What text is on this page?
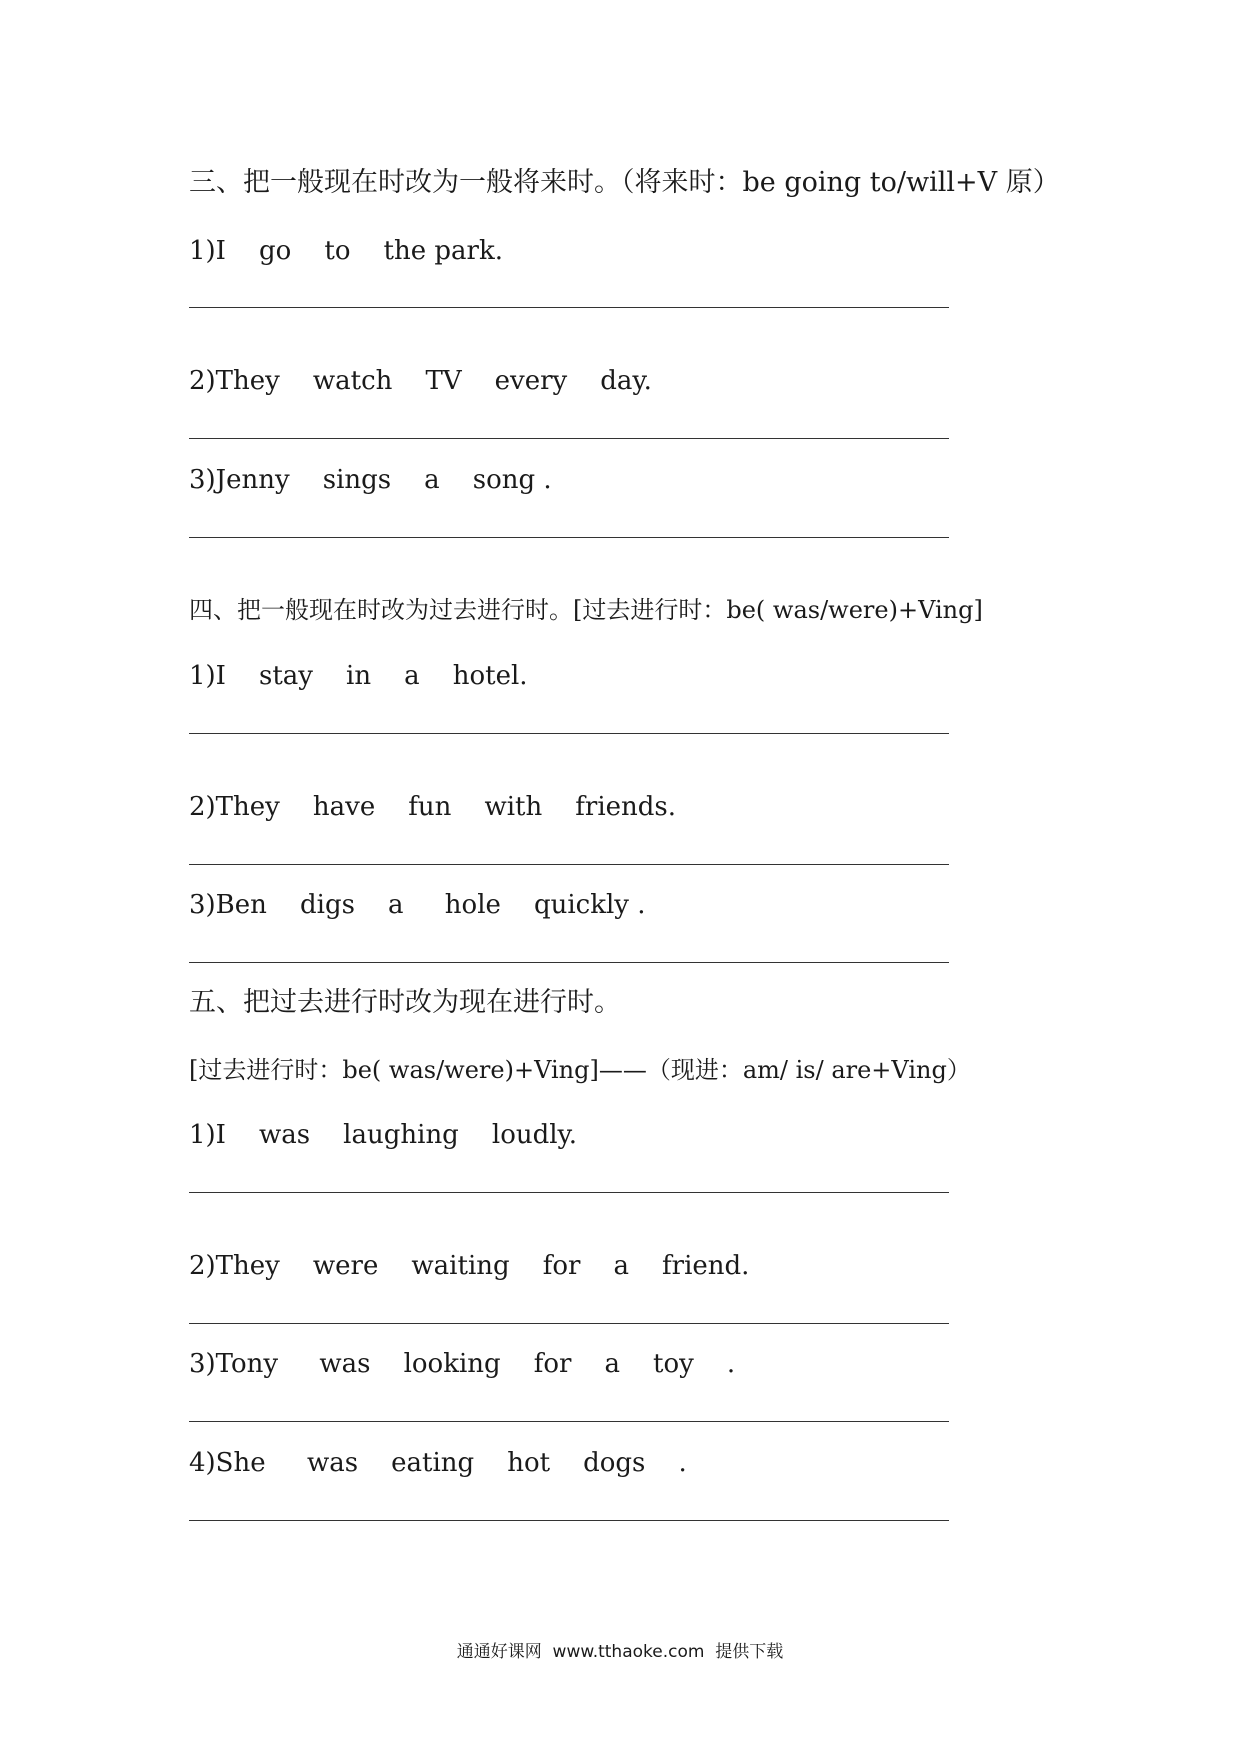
三、把一般现在时改为一般将来时。（将来时：be going to/will+V 原）
1)I    go    to    the park.
2)They    watch    TV    every    day.
3)Jenny    sings    a    song .
四、把一般现在时改为过去进行时。[过去进行时：be( was/were)+Ving]
1)I    stay    in    a    hotel.
2)They    have    fun    with    friends.
3)Ben    digs    a     hole    quickly .
五、把过去进行时改为现在进行时。
[过去进行时：be( was/were)+Ving]——（现进：am/ is/ are+Ving）
1)I    was    laughing    loudly.
2)They    were    waiting    for    a    friend.
3)Tony     was    looking    for    a    toy    .
4)She     was    eating    hot    dogs    .
通通好课网  www.tthaoke.com  提供下载
